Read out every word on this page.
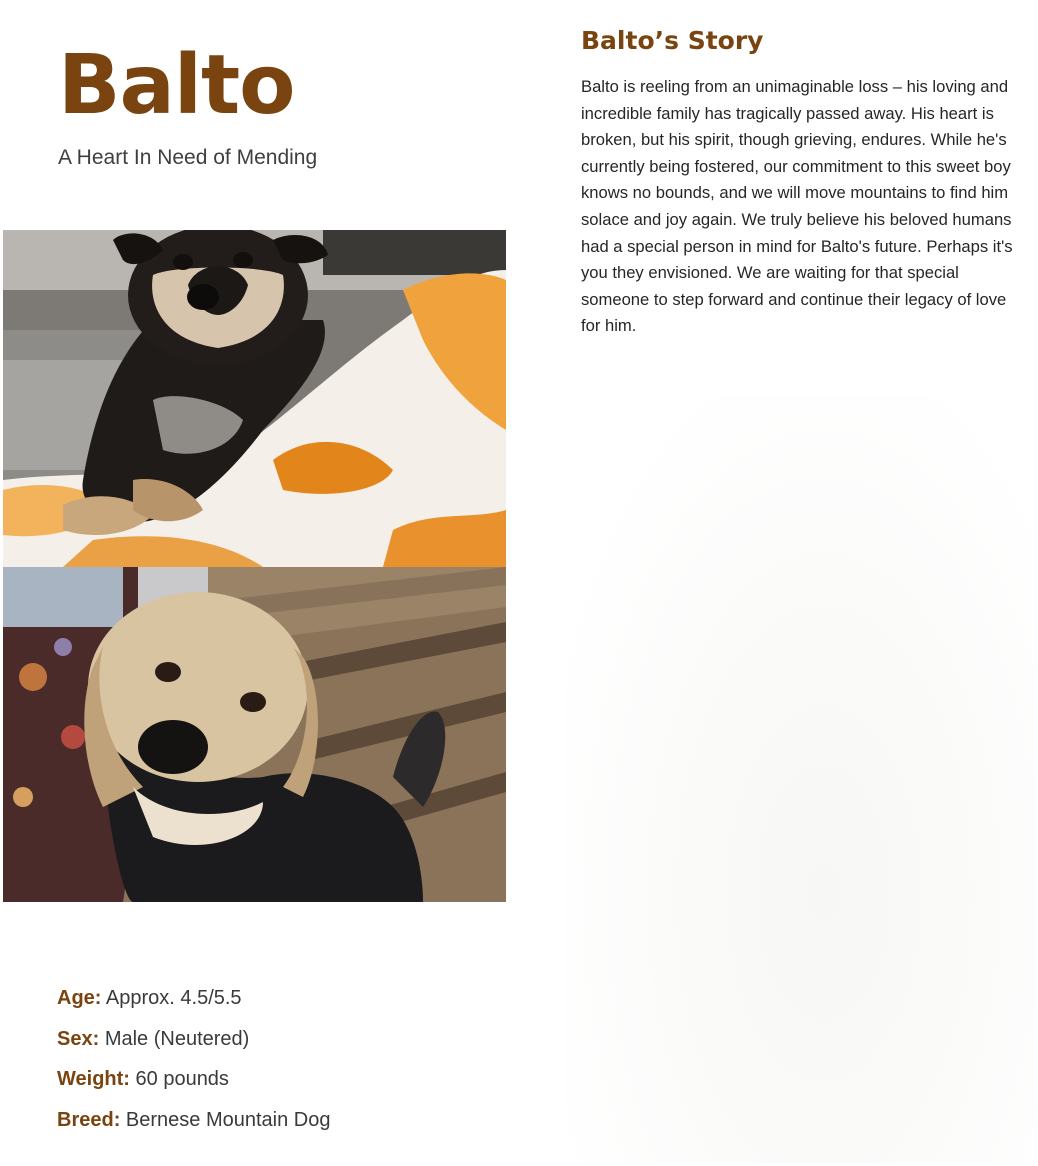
Balto

A Heart In Need of Mending

Age: Approx. 4.5/5.5
Sex: Male (Neutered)
Weight: 60 pounds
Breed: Bernese Mountain Dog
Balto’s Story

Balto is reeling from an unimaginable loss – his loving and incredible family has tragically passed away. His heart is broken, but his spirit, though grieving, endures. While he's currently being fostered, our commitment to this sweet boy knows no bounds, and we will move mountains to find him solace and joy again. We truly believe his beloved humans had a special person in mind for Balto's future. Perhaps it's you they envisioned. We are waiting for that special someone to step forward and continue their legacy of love for him.
